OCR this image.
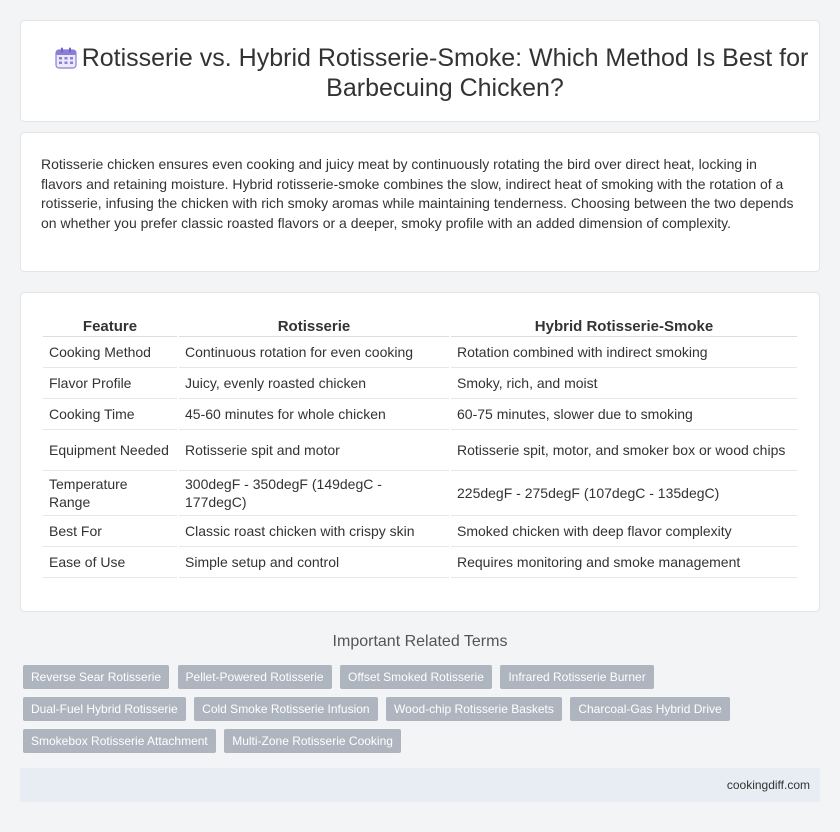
Rotisserie vs. Hybrid Rotisserie-Smoke: Which Method Is Best for Barbecuing Chicken?

Rotisserie chicken ensures even cooking and juicy meat by continuously rotating the bird over direct heat, locking in flavors and retaining moisture. Hybrid rotisserie-smoke combines the slow, indirect heat of smoking with the rotation of a rotisserie, infusing the chicken with rich smoky aromas while maintaining tenderness. Choosing between the two depends on whether you prefer classic roasted flavors or a deeper, smoky profile with an added dimension of complexity.

Feature	Rotisserie	Hybrid Rotisserie-Smoke
Cooking Method	Continuous rotation for even cooking	Rotation combined with indirect smoking
Flavor Profile	Juicy, evenly roasted chicken	Smoky, rich, and moist
Cooking Time	45-60 minutes for whole chicken	60-75 minutes, slower due to smoking
Equipment Needed	Rotisserie spit and motor	Rotisserie spit, motor, and smoker box or wood chips
Temperature Range	300degF - 350degF (149degC - 177degC)	225degF - 275degF (107degC - 135degC)
Best For	Classic roast chicken with crispy skin	Smoked chicken with deep flavor complexity
Ease of Use	Simple setup and control	Requires monitoring and smoke management
Important Related Terms
Reverse Sear Rotisserie Pellet-Powered Rotisserie Offset Smoked Rotisserie Infrared Rotisserie Burner Dual-Fuel Hybrid Rotisserie Cold Smoke Rotisserie Infusion Wood-chip Rotisserie Baskets Charcoal-Gas Hybrid Drive Smokebox Rotisserie Attachment Multi-Zone Rotisserie Cooking
cookingdiff.com
